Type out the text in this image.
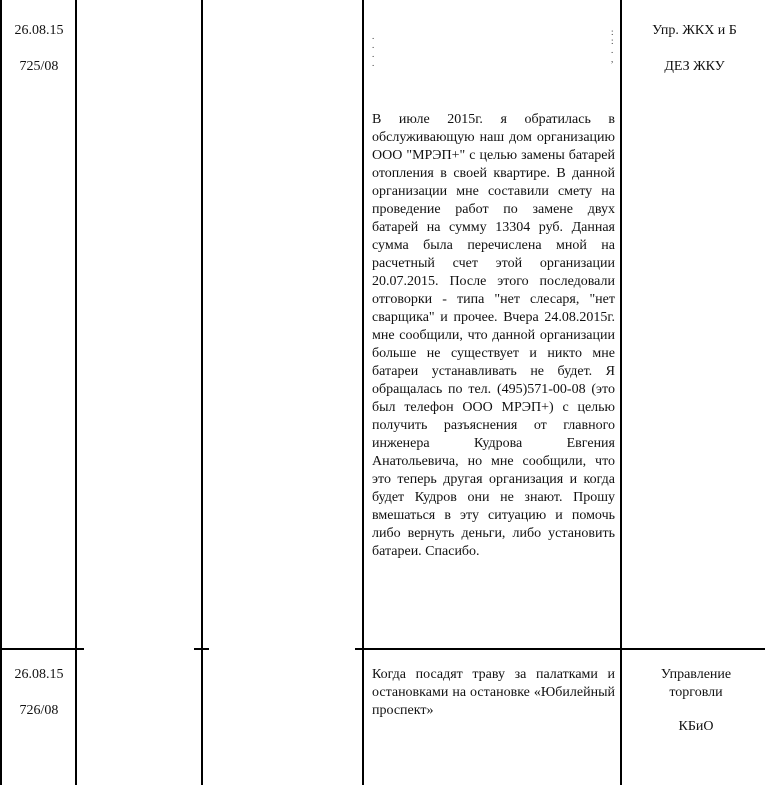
26.08.15
725/08
.
.
.
.
:
:
.
,
В июле 2015г. я обратилась в обслуживающую наш дом организацию ООО "МРЭП+" с целью замены батарей отопления в своей квартире. В данной организации мне составили смету на проведение работ по замене двух батарей на сумму 13304 руб. Данная сумма была перечислена мной на расчетный счет этой организации 20.07.2015. После этого последовали отговорки - типа "нет слесаря, "нет сварщика" и прочее. Вчера 24.08.2015г. мне сообщили, что данной организации больше не существует и никто мне батареи устанавливать не будет. Я обращалась по тел. (495)571-00-08 (это был телефон ООО МРЭП+) с целью получить разъяснения от главного инженера Кудрова Евгения Анатольевича, но мне сообщили, что это теперь другая организация и когда будет Кудров они не знают. Прошу вмешаться в эту ситуацию и помочь либо вернуть деньги, либо установить батареи. Спасибо.
Упр. ЖКХ и Б
ДЕЗ ЖКУ
26.08.15
726/08
Когда посадят траву за палатками и остановками на остановке «Юбилейный проспект»
Управление торговли
КБиО
